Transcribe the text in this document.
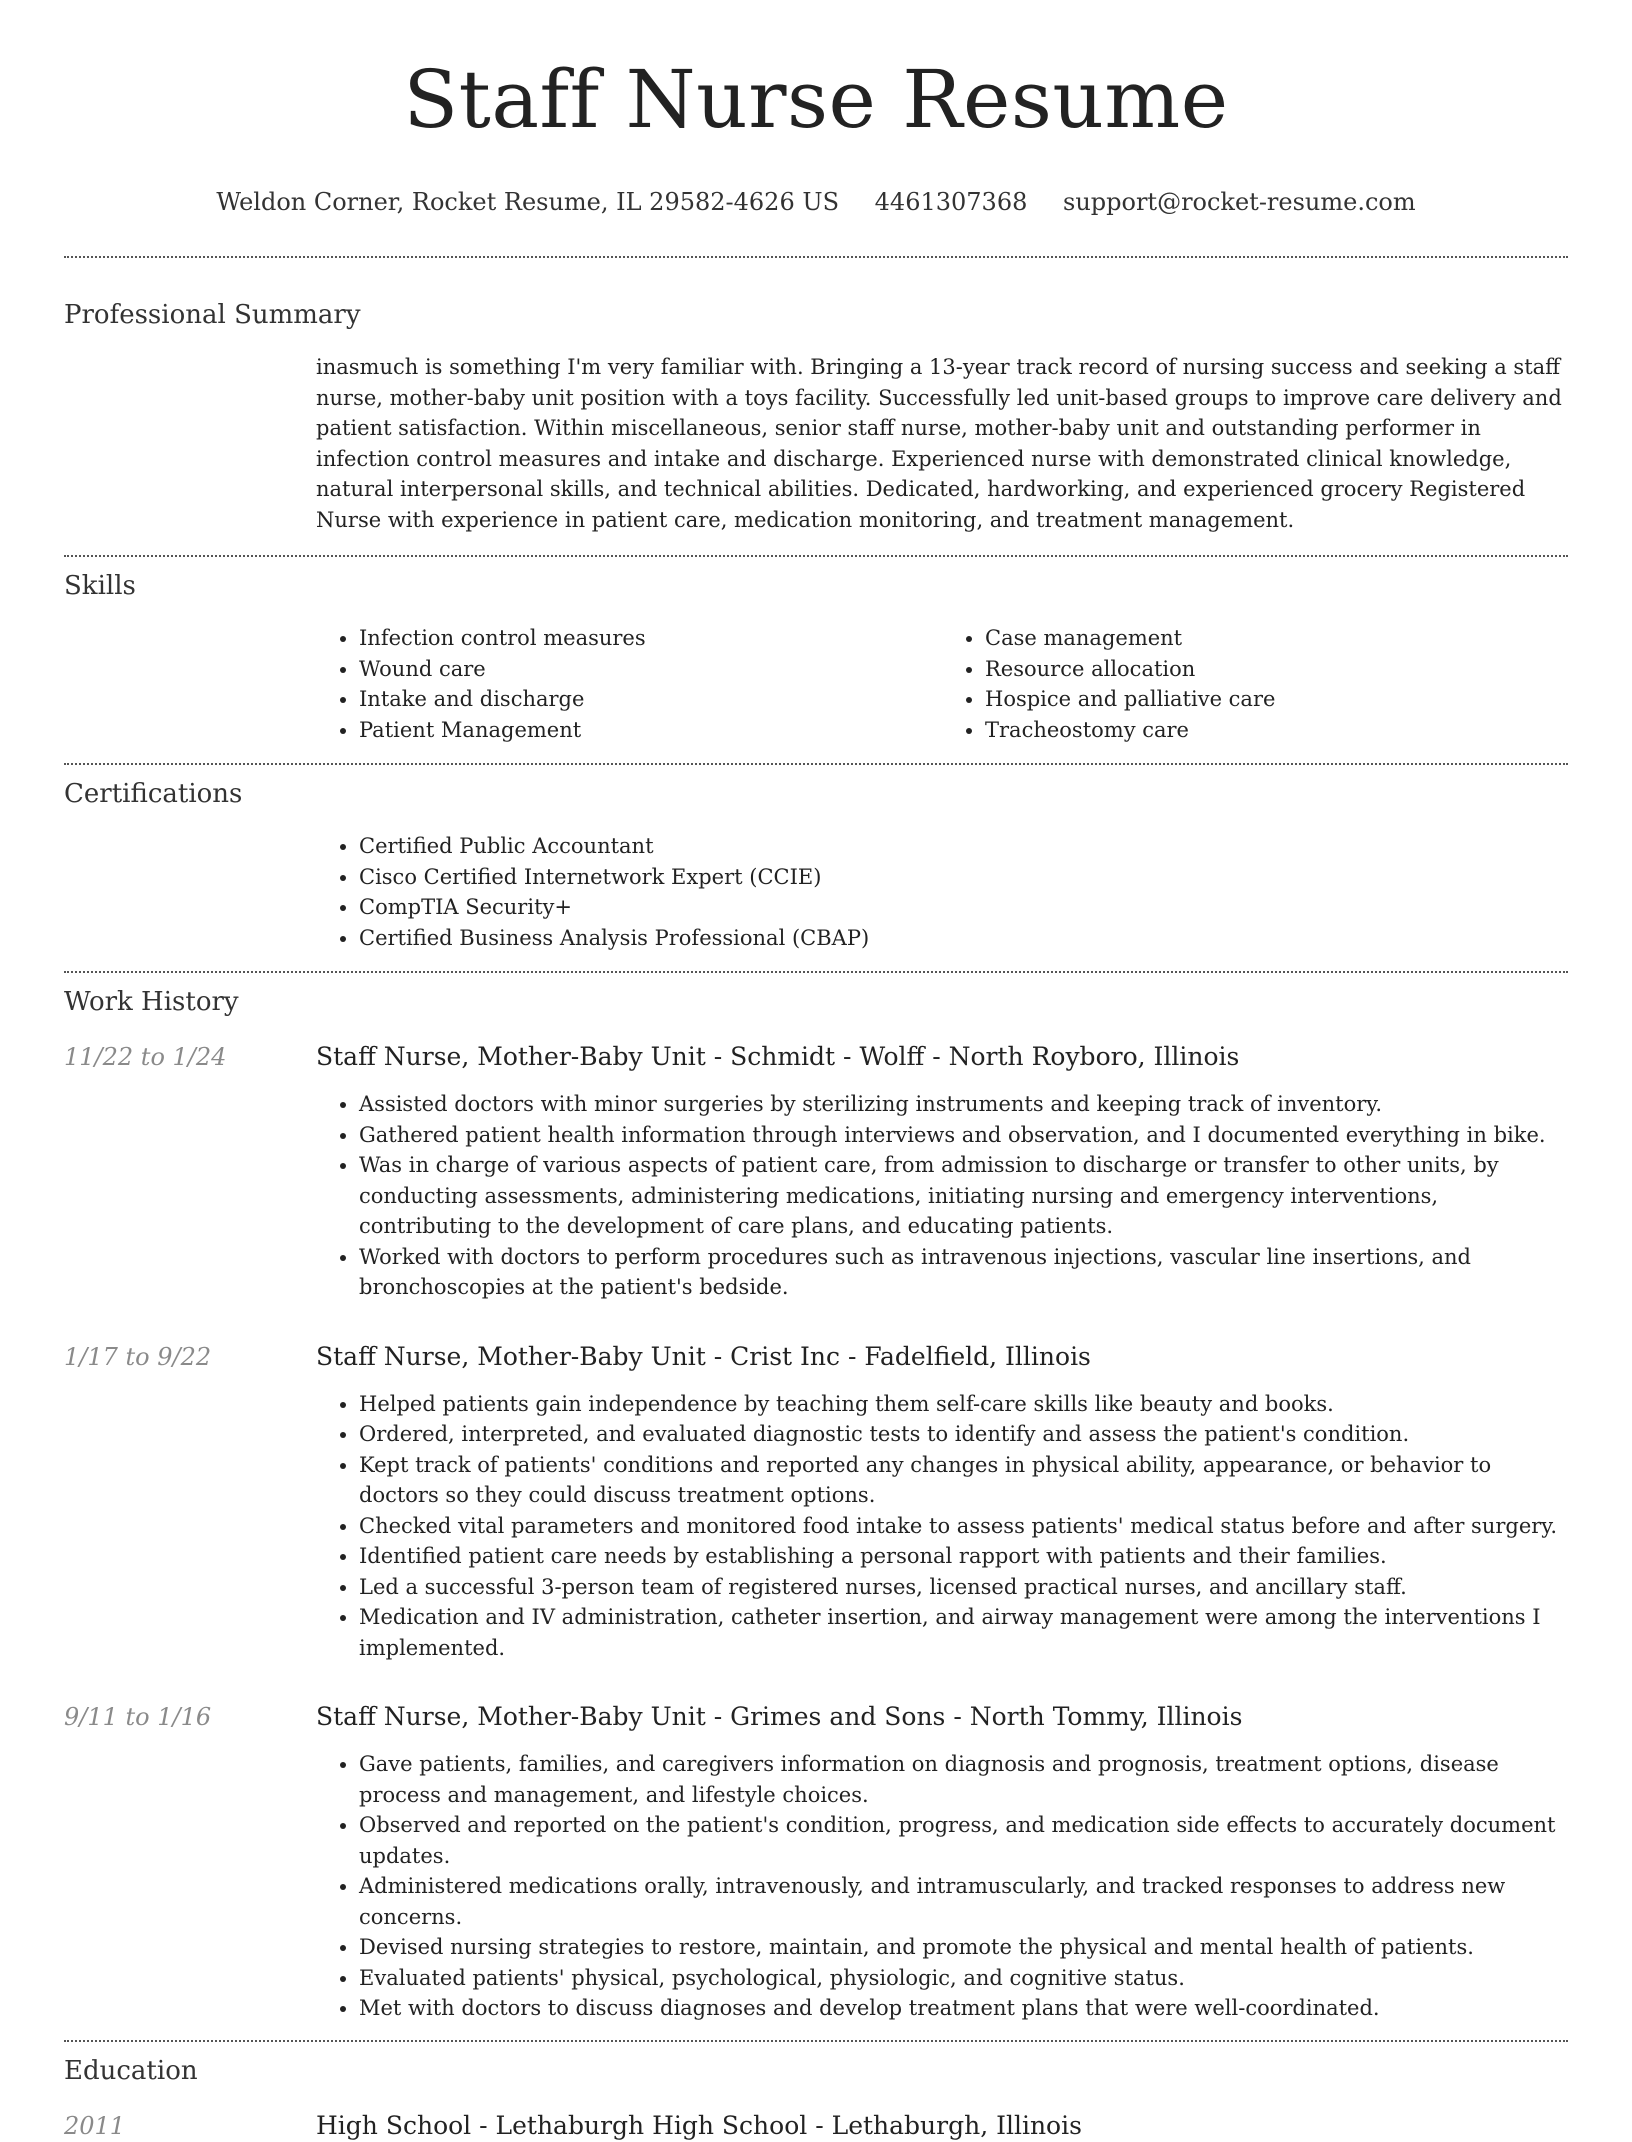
Staff Nurse Resume
Weldon Corner, Rocket Resume, IL 29582-4626 US 4461307368 support@rocket-resume.com
Professional Summary

inasmuch is something I'm very familiar with. Bringing a 13-year track record of nursing success and seeking a staff nurse, mother-baby unit position with a toys facility. Successfully led unit-based groups to improve care delivery and patient satisfaction. Within miscellaneous, senior staff nurse, mother-baby unit and outstanding performer in infection control measures and intake and discharge. Experienced nurse with demonstrated clinical knowledge, natural interpersonal skills, and technical abilities. Dedicated, hardworking, and experienced grocery Registered Nurse with experience in patient care, medication monitoring, and treatment management.

Skills
• Infection control measures
• Wound care
• Intake and discharge
• Patient Management
• Case management
• Resource allocation
• Hospice and palliative care
• Tracheostomy care
Certifications
• Certified Public Accountant
• Cisco Certified Internetwork Expert (CCIE)
• CompTIA Security+
• Certified Business Analysis Professional (CBAP)
Work History
11/22 to 1/24	Staff Nurse, Mother-Baby Unit - Schmidt - Wolff - North Royboro, Illinois
• Assisted doctors with minor surgeries by sterilizing instruments and keeping track of inventory.
• Gathered patient health information through interviews and observation, and I documented everything in bike.
• Was in charge of various aspects of patient care, from admission to discharge or transfer to other units, by conducting assessments, administering medications, initiating nursing and emergency interventions, contributing to the development of care plans, and educating patients.
• Worked with doctors to perform procedures such as intravenous injections, vascular line insertions, and bronchoscopies at the patient's bedside.
1/17 to 9/22	Staff Nurse, Mother-Baby Unit - Crist Inc - Fadelfield, Illinois
• Helped patients gain independence by teaching them self-care skills like beauty and books.
• Ordered, interpreted, and evaluated diagnostic tests to identify and assess the patient's condition.
• Kept track of patients' conditions and reported any changes in physical ability, appearance, or behavior to doctors so they could discuss treatment options.
• Checked vital parameters and monitored food intake to assess patients' medical status before and after surgery.
• Identified patient care needs by establishing a personal rapport with patients and their families.
• Led a successful 3-person team of registered nurses, licensed practical nurses, and ancillary staff.
• Medication and IV administration, catheter insertion, and airway management were among the interventions I implemented.
9/11 to 1/16	Staff Nurse, Mother-Baby Unit - Grimes and Sons - North Tommy, Illinois
• Gave patients, families, and caregivers information on diagnosis and prognosis, treatment options, disease process and management, and lifestyle choices.
• Observed and reported on the patient's condition, progress, and medication side effects to accurately document updates.
• Administered medications orally, intravenously, and intramuscularly, and tracked responses to address new concerns.
• Devised nursing strategies to restore, maintain, and promote the physical and mental health of patients.
• Evaluated patients' physical, psychological, physiologic, and cognitive status.
• Met with doctors to discuss diagnoses and develop treatment plans that were well-coordinated.
Education
2011	High School - Lethaburgh High School - Lethaburgh, Illinois
